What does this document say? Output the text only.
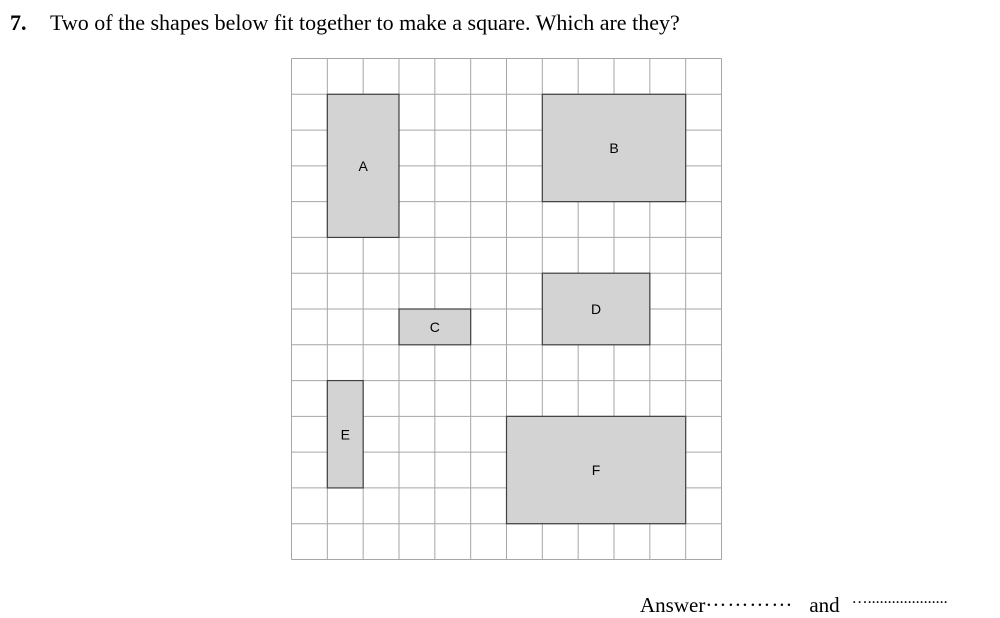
7. Two of the shapes below fit together to make a square. Which are they?
A
B
C
D
E
F
Answer………… and …....................
